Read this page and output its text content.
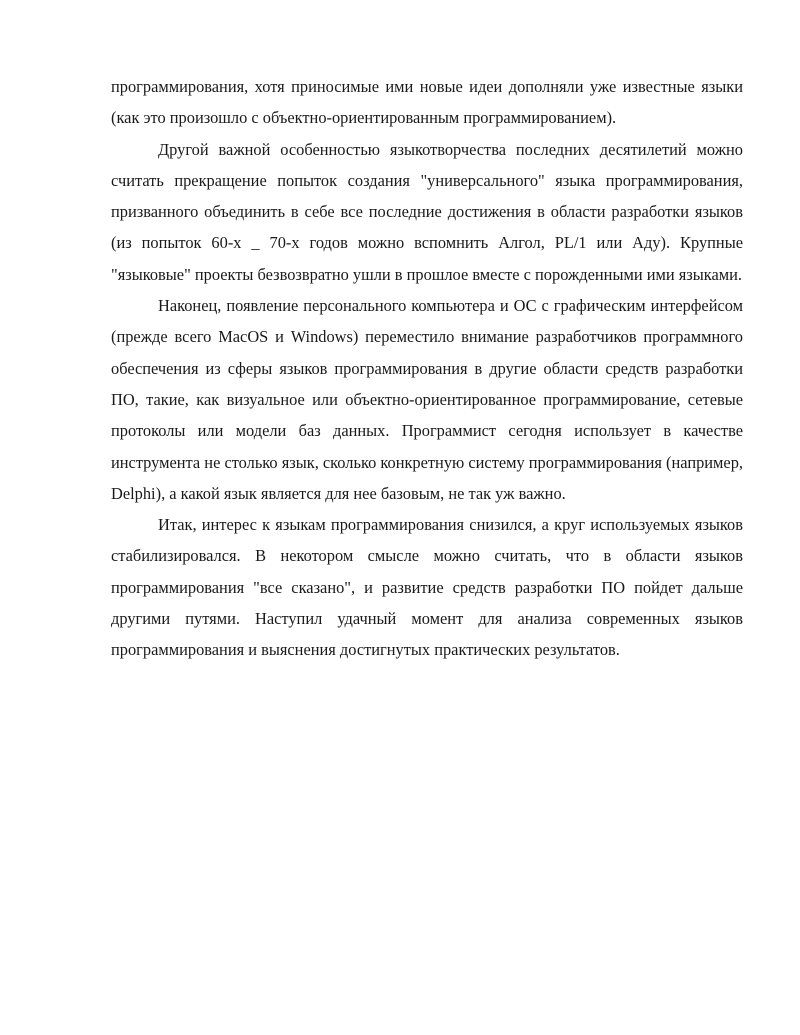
программирования, хотя приносимые ими новые идеи дополняли уже известные языки (как это произошло с объектно-ориентированным программированием).

Другой важной особенностью языкотворчества последних десятилетий можно считать прекращение попыток создания "универсального" языка программирования, призванного объединить в себе все последние достижения в области разработки языков (из попыток 60-х _ 70-х годов можно вспомнить Алгол, PL/1 или Аду). Крупные "языковые" проекты безвозвратно ушли в прошлое вместе с порожденными ими языками.

Наконец, появление персонального компьютера и ОС с графическим интерфейсом (прежде всего MacOS и Windows) переместило внимание разработчиков программного обеспечения из сферы языков программирования в другие области средств разработки ПО, такие, как визуальное или объектно-ориентированное программирование, сетевые протоколы или модели баз данных. Программист сегодня использует в качестве инструмента не столько язык, сколько конкретную систему программирования (например, Delphi), а какой язык является для нее базовым, не так уж важно.

Итак, интерес к языкам программирования снизился, а круг используемых языков стабилизировался. В некотором смысле можно считать, что в области языков программирования "все сказано", и развитие средств разработки ПО пойдет дальше другими путями. Наступил удачный момент для анализа современных языков программирования и выяснения достигнутых практических результатов.
